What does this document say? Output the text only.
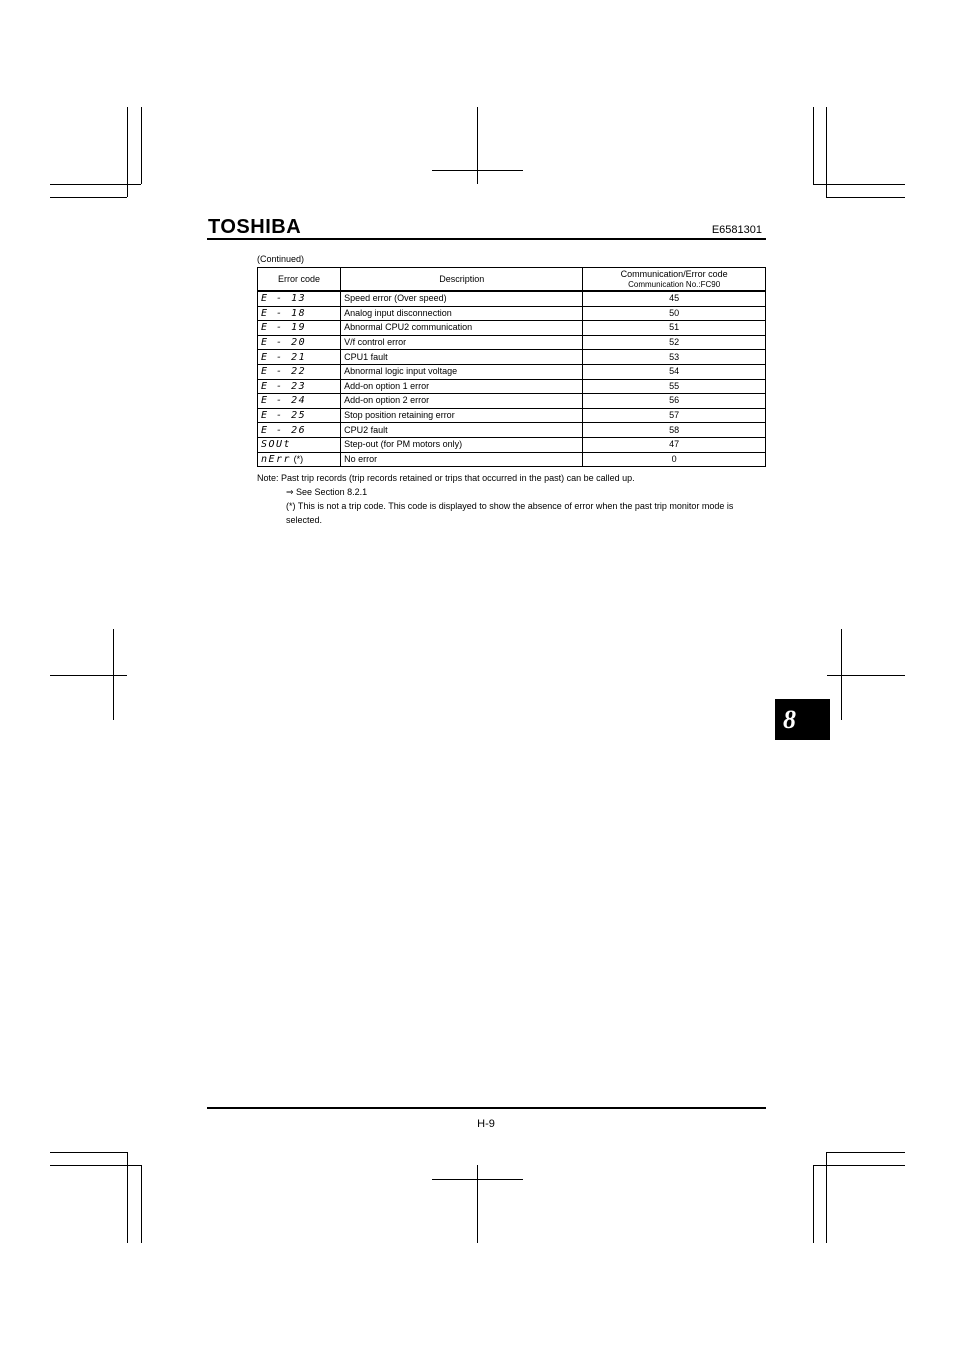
TOSHIBA	E6581301
(Continued)
Error code	Description	Communication/Error code
Communication No.:FC90

E - 13	Speed error (Over speed)	45
E - 18	Analog input disconnection	50
E - 19	Abnormal CPU2 communication	51
E - 20	V/f control error	52
E - 21	CPU1 fault	53
E - 22	Abnormal logic input voltage	54
E - 23	Add-on option 1 error	55
E - 24	Add-on option 2 error	56
E - 25	Stop position retaining error	57
E - 26	CPU2 fault	58
SOUt	Step-out (for PM motors only)	47
nErr (*)	No error	0

Note: Past trip records (trip records retained or trips that occurred in the past) can be called up.

⇒ See Section 8.2.1

(*) This is not a trip code. This code is displayed to show the absence of error when the past trip monitor mode is selected.

8
H-9
